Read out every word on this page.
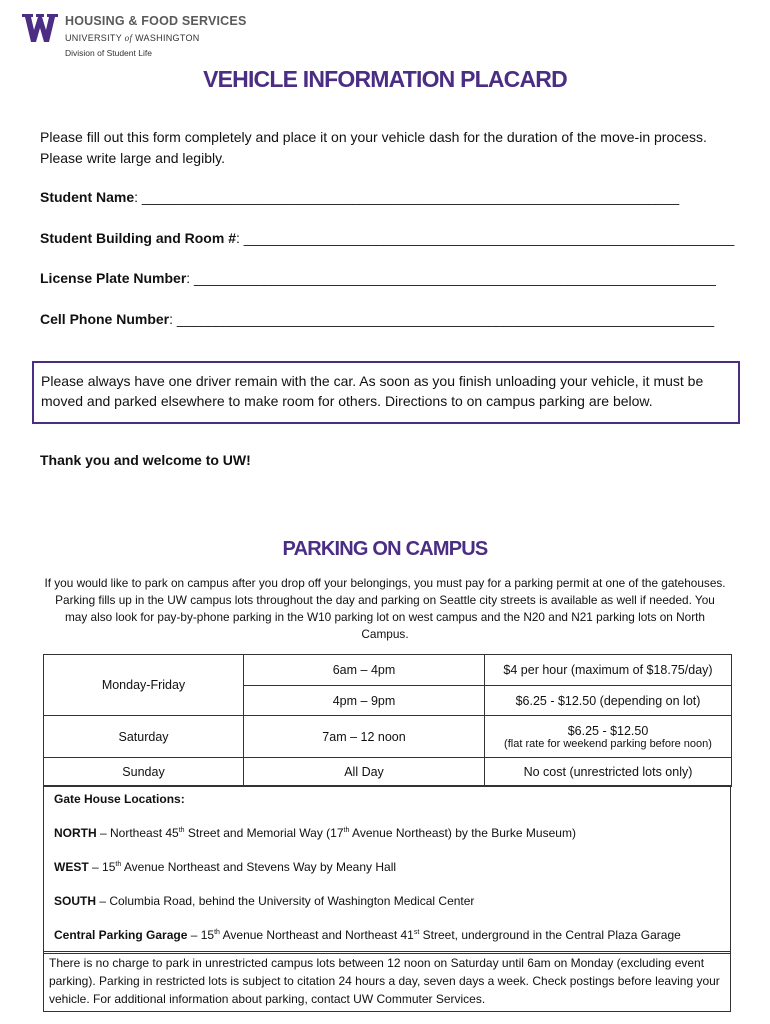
HOUSING & FOOD SERVICES
UNIVERSITY of WASHINGTON
Division of Student Life
VEHICLE INFORMATION PLACARD
Please fill out this form completely and place it on your vehicle dash for the duration of the move-in process. Please write large and legibly.
Student Name: _____________________________________________________________________
Student Building and Room #: _______________________________________________________________
License Plate Number: ___________________________________________________________________
Cell Phone Number: _____________________________________________________________________
Please always have one driver remain with the car. As soon as you finish unloading your vehicle, it must be moved and parked elsewhere to make room for others. Directions to on campus parking are below.
Thank you and welcome to UW!
PARKING ON CAMPUS
If you would like to park on campus after you drop off your belongings, you must pay for a parking permit at one of the gatehouses. Parking fills up in the UW campus lots throughout the day and parking on Seattle city streets is available as well if needed. You may also look for pay-by-phone parking in the W10 parking lot on west campus and the N20 and N21 parking lots on North Campus.
Monday-Friday	6am – 4pm	$4 per hour (maximum of $18.75/day)
	4pm – 9pm	$6.25 - $12.50 (depending on lot)
Saturday	7am – 12 noon	$6.25 - $12.50
(flat rate for weekend parking before noon)

Sunday	All Day	No cost (unrestricted lots only)
Gate House Locations:
NORTH – Northeast 45th Street and Memorial Way (17th Avenue Northeast) by the Burke Museum)
WEST – 15th Avenue Northeast and Stevens Way by Meany Hall
SOUTH – Columbia Road, behind the University of Washington Medical Center
Central Parking Garage – 15th Avenue Northeast and Northeast 41st Street, underground in the Central Plaza Garage
There is no charge to park in unrestricted campus lots between 12 noon on Saturday until 6am on Monday (excluding event parking). Parking in restricted lots is subject to citation 24 hours a day, seven days a week. Check postings before leaving your vehicle. For additional information about parking, contact UW Commuter Services.
